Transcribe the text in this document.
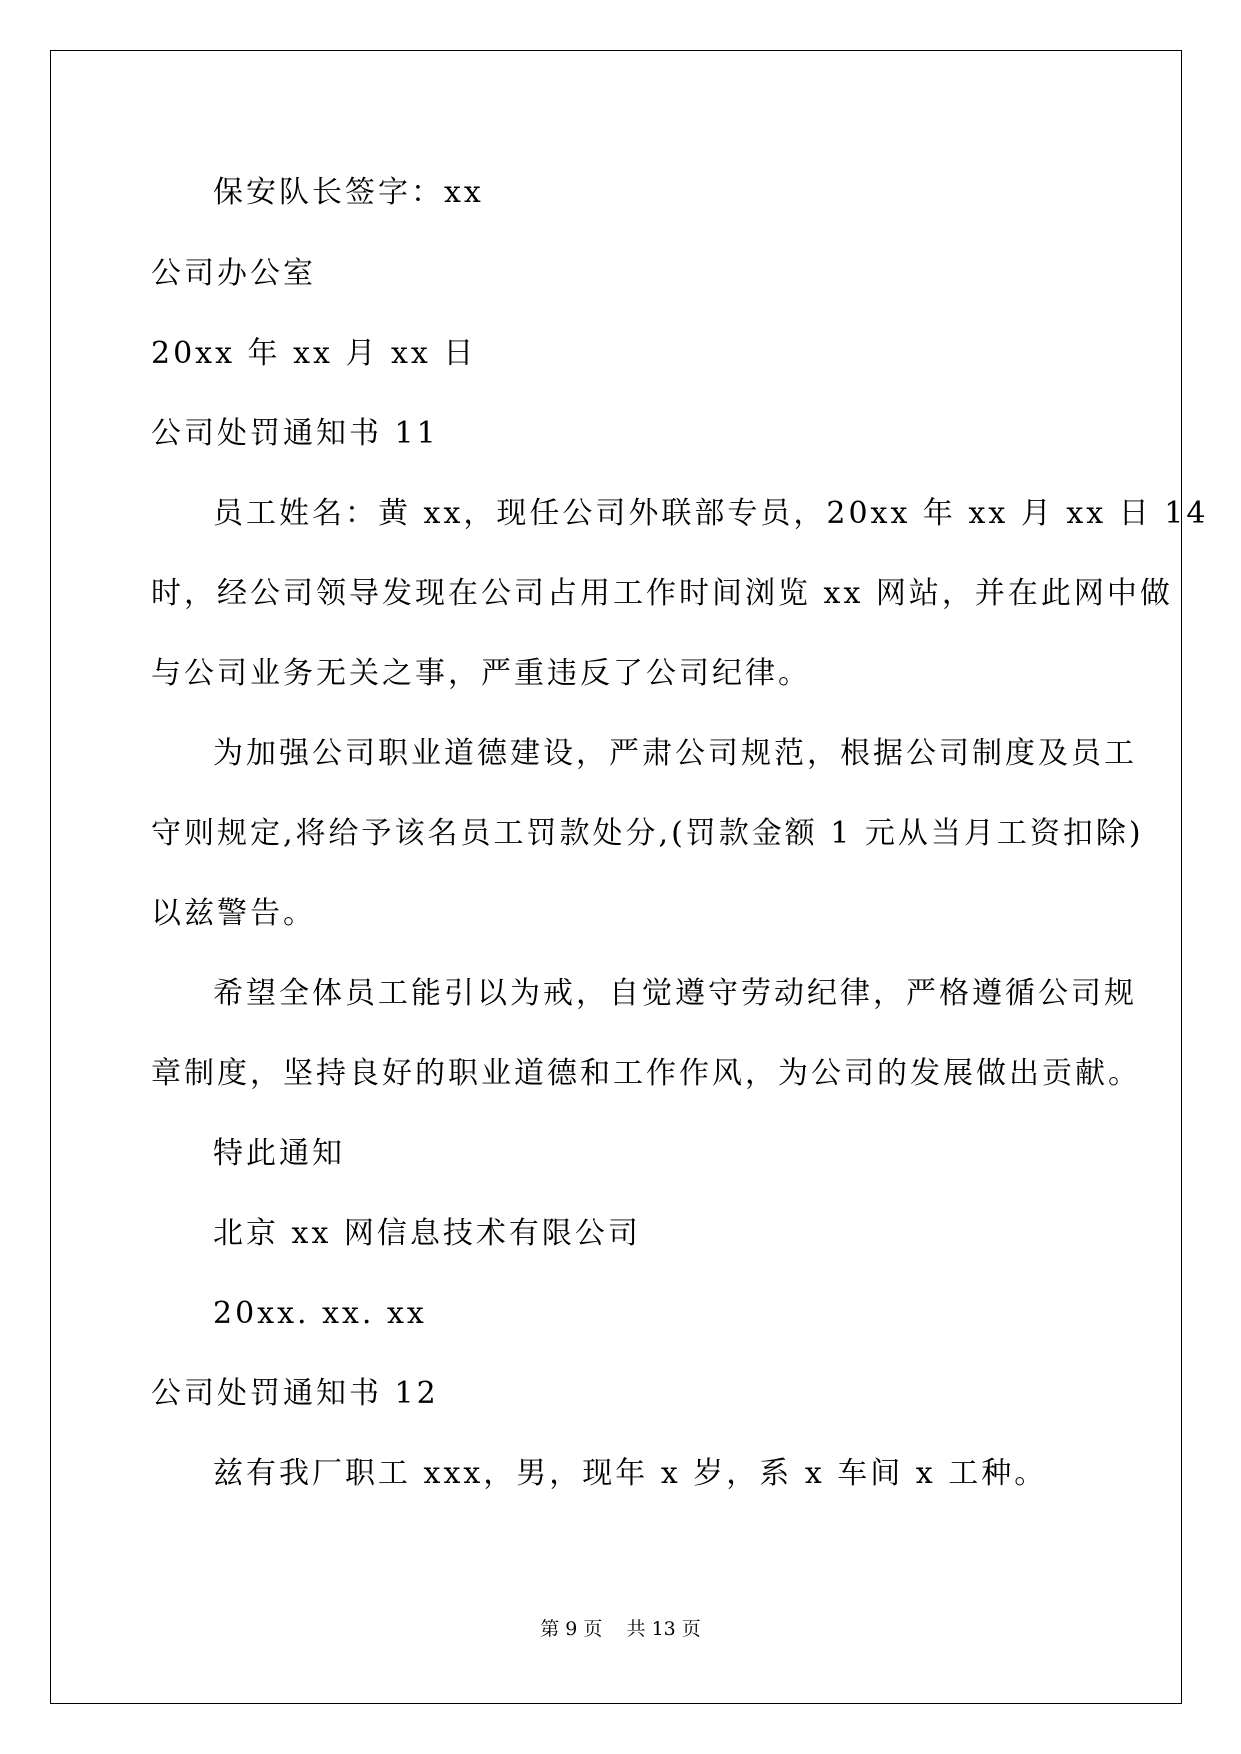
保安队长签字：xx
公司办公室
20xx 年 xx 月 xx 日
公司处罚通知书 11
员工姓名：黄 xx，现任公司外联部专员，20xx 年 xx 月 xx 日 14
时，经公司领导发现在公司占用工作时间浏览 xx 网站，并在此网中做
与公司业务无关之事，严重违反了公司纪律。
为加强公司职业道德建设，严肃公司规范，根据公司制度及员工
守则规定,将给予该名员工罚款处分,(罚款金额 1 元从当月工资扣除)
以兹警告。
希望全体员工能引以为戒，自觉遵守劳动纪律，严格遵循公司规
章制度，坚持良好的职业道德和工作作风，为公司的发展做出贡献。
特此通知
北京 xx 网信息技术有限公司
20xx. xx. xx
公司处罚通知书 12
兹有我厂职工 xxx，男，现年 x 岁，系 x 车间 x 工种。
第 9 页    共 13 页
